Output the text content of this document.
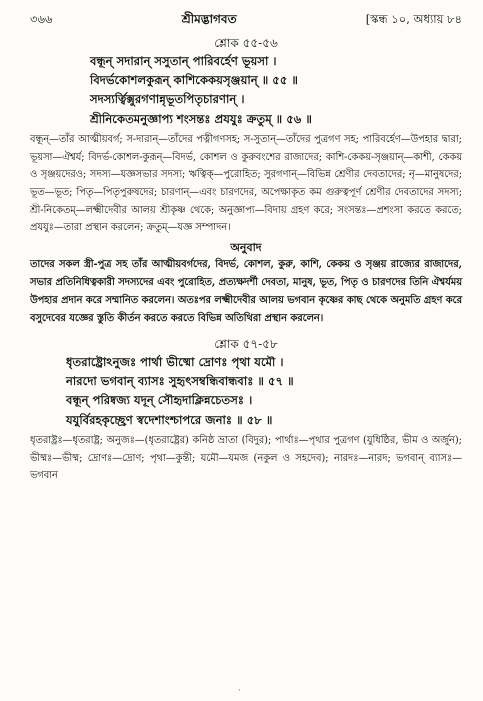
৩৬৬	শ্রীমদ্ভাগবত	[স্কন্ধ ১০, অধ্যায় ৮৪
শ্লোক ৫৫-৫৬
বন্ধূন্ সদারান্ সসুতান্ পারিবর্হেণ ভূয়সা ।
বিদর্ভকোশলকুরূন্ কাশিকেকয়সৃঞ্জয়ান্ ॥ ৫৫ ॥
সদস্যর্ত্বিক্সুরগণান্নৃভূতপিতৃচারণান্ ।
শ্রীনিকেতমনুজ্ঞাপ্য শংসন্তঃ প্রযযুঃ ক্রতুম্ ॥ ৫৬ ॥
বন্ধূন্—তাঁর আত্মীয়বর্গ; স-দারান্—তাঁদের পত্নীগণসহ; স-সুতান্—তাঁদের পুত্রগণ সহ; পারিবর্হেণ—উপহার দ্বারা; ভূয়সা—ঐশ্বর্য; বিদর্ভ-কোশল-কুরূন্—বিদর্ভ, কোশল ও কুরুবংশের রাজাদের; কাশি-কেকয়-সৃঞ্জয়ান্—কাশী, কেকয় ও সৃঞ্জয়দেরও; সদস্য—যজ্ঞসভার সদস্য; ঋত্বিক্—পুরোহিত; সুরগণান্—বিভিন্ন শ্রেণীর দেবতাদের; নৃ—মানুষদের; ভূত—ভূত; পিতৃ—পিতৃপুরুষদের; চারণান্—এবং চারণদের, অপেক্ষাকৃত কম গুরুত্বপূর্ণ শ্রেণীর দেবতাদের সদস্য; শ্রী-নিকেতম্—লক্ষ্মীদেবীর আলয় শ্রীকৃষ্ণ থেকে; অনুজ্ঞাপ্য—বিদায় গ্রহণ করে; সংসন্তঃ—প্রশংসা করতে করতে; প্রযযুঃ—তারা প্রস্থান করলেন; ক্রতুম্—যজ্ঞ সম্পাদন।
অনুবাদ
তাদের সকল স্ত্রী-পুত্র সহ তাঁর আত্মীয়বর্গদের, বিদর্ভ, কোশল, কুরু, কাশি, কেকয় ও সৃঞ্জয় রাজ্যের রাজাদের, সভার প্রতিনিধিত্বকারী সদস্যদের এবং পুরোহিত, প্রত্যক্ষদর্শী দেবতা, মানুষ, ভূত, পিতৃ ও চারণদের তিনি ঐশ্বর্যময় উপহার প্রদান করে সম্মানিত করলেন। অতঃপর লক্ষ্মীদেবীর আলয় ভগবান কৃষ্ণের কাছ থেকে অনুমতি গ্রহণ করে বসুদেবের যজ্ঞের স্তুতি কীর্তন করতে করতে বিভিন্ন অতিথিরা প্রস্থান করলেন।
শ্লোক ৫৭-৫৮
ধৃতরাষ্ট্রোঽনুজঃ পার্থা ভীষ্মো দ্রোণঃ পৃথা যমৌ ।
নারদো ভগবান্ ব্যাসঃ সুহৃৎসম্বন্ধিবান্ধবাঃ ॥ ৫৭ ॥
বন্ধূন্ পরিষ্বজ্য যদূন্ সৌহৃদাক্লিন্নচেতসঃ ।
যযুর্বিরহকৃচ্ছ্রেণ স্বদেশাংশ্চাপরে জনাঃ ॥ ৫৮ ॥
ধৃতরাষ্ট্রঃ—ধৃতরাষ্ট্র; অনুজঃ—(ধৃতরাষ্ট্রের) কনিষ্ঠ ভ্রাতা (বিদুর); পার্থাঃ—পৃথার পুত্রগণ (যুধিষ্ঠির, ভীম ও অর্জুন); ভীষ্মঃ—ভীষ্ম; দ্রোণঃ—দ্রোণ; পৃথা—কুন্তী; যমৌ—যমজ (নকুল ও সহদেব); নারদঃ—নারদ; ভগবান্ ব্যাসঃ—ভগবান
·
